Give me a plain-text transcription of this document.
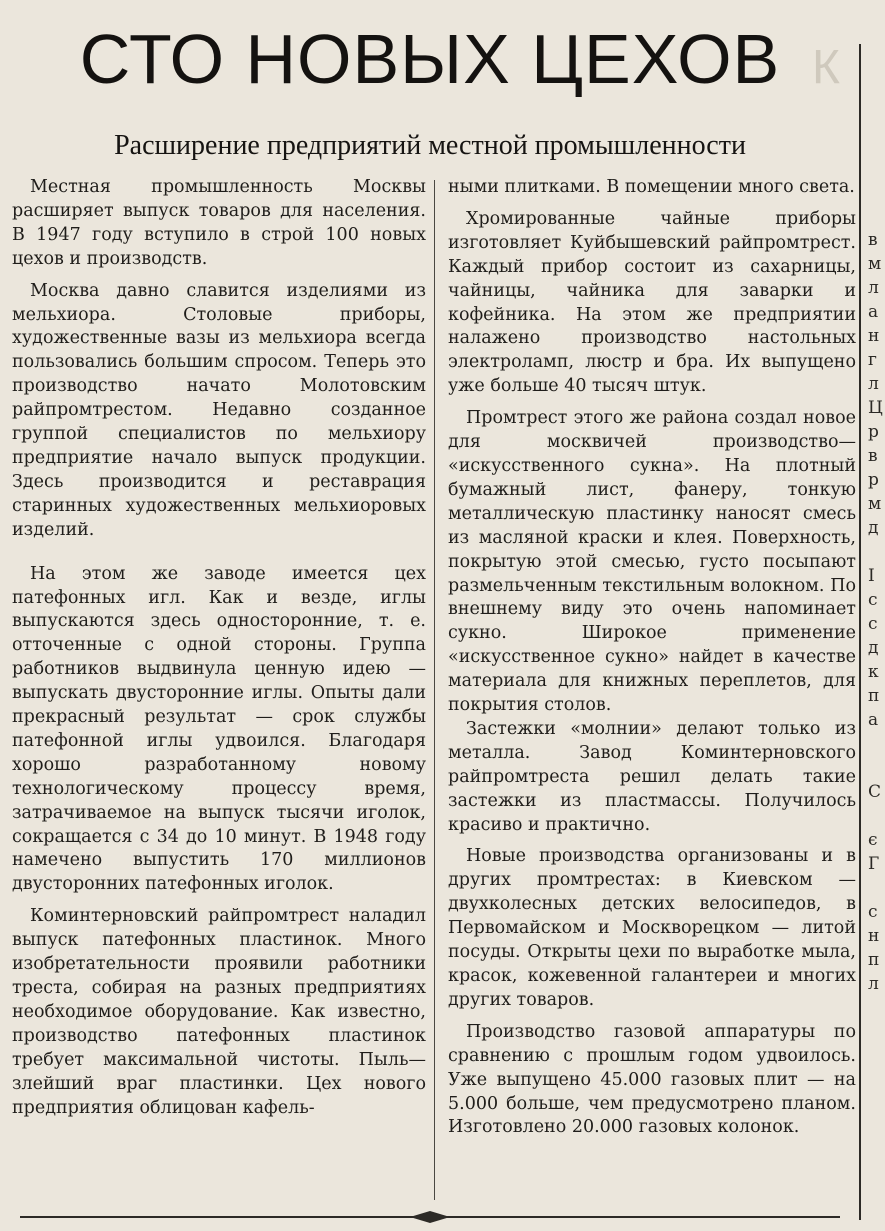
К
СТО НОВЫХ ЦЕХОВ
Расширение предприятий местной промышленности

Местная промышленность Москвы расширяет выпуск товаров для населения. В 1947 году вступило в строй 100 новых цехов и производств.

Москва давно славится изделиями из мельхиора. Столовые приборы, художественные вазы из мельхиора всегда пользовались большим спросом. Теперь это производство начато Молотовским райпромтрестом. Недавно созданное группой специалистов по мельхиору предприятие начало выпуск продукции. Здесь производится и реставрация старинных художественных мельхиоровых изделий.

На этом же заводе имеется цех патефонных игл. Как и везде, иглы выпускаются здесь односторонние, т. е. отточенные с одной стороны. Группа работников выдвинула ценную идею — выпускать двусторонние иглы. Опыты дали прекрасный результат — срок службы патефонной иглы удвоился. Благодаря хорошо разработанному новому технологическому процессу время, затрачиваемое на выпуск тысячи иголок, сокращается с 34 до 10 минут. В 1948 году намечено выпустить 170 миллионов двусторонних патефонных иголок.

Коминтерновский райпромтрест наладил выпуск патефонных пластинок. Много изобретательности проявили работники треста, собирая на разных предприятиях необходимое оборудование. Как известно, производство патефонных пластинок требует максимальной чистоты. Пыль— злейший враг пластинки. Цех нового предприятия облицован кафель-

ными плитками. В помещении много света.

Хромированные чайные приборы изготовляет Куйбышевский райпромтрест. Каждый прибор состоит из сахарницы, чайницы, чайника для заварки и кофейника. На этом же предприятии налажено производство настольных электроламп, люстр и бра. Их выпущено уже больше 40 тысяч штук.

Промтрест этого же района создал новое для москвичей производство— «искусственного сукна». На плотный бумажный лист, фанеру, тонкую металлическую пластинку наносят смесь из масляной краски и клея. Поверхность, покрытую этой смесью, густо посыпают размельченным текстильным волокном. По внешнему виду это очень напоминает сукно. Широкое применение «искусственное сукно» найдет в качестве материала для книжных переплетов, для покрытия столов.

Застежки «молнии» делают только из металла. Завод Коминтерновского райпромтреста решил делать такие застежки из пластмассы. Получилось красиво и практично.

Новые производства организованы и в других промтрестах: в Киевском — двухколесных детских велосипедов, в Первомайском и Москворецком — литой посуды. Открыты цехи по выработке мыла, красок, кожевенной галантереи и многих других товаров.

Производство газовой аппаратуры по сравнению с прошлым годом удвоилось. Уже выпущено 45.000 газовых плит — на 5.000 больше, чем предусмотрено планом. Изготовлено 20.000 газовых колонок.

в
м
л
а
н
г
л
Ц
р
в
р
м
д
І
с
с
д
к
п
а
С
є
Г
с
н
п
л
